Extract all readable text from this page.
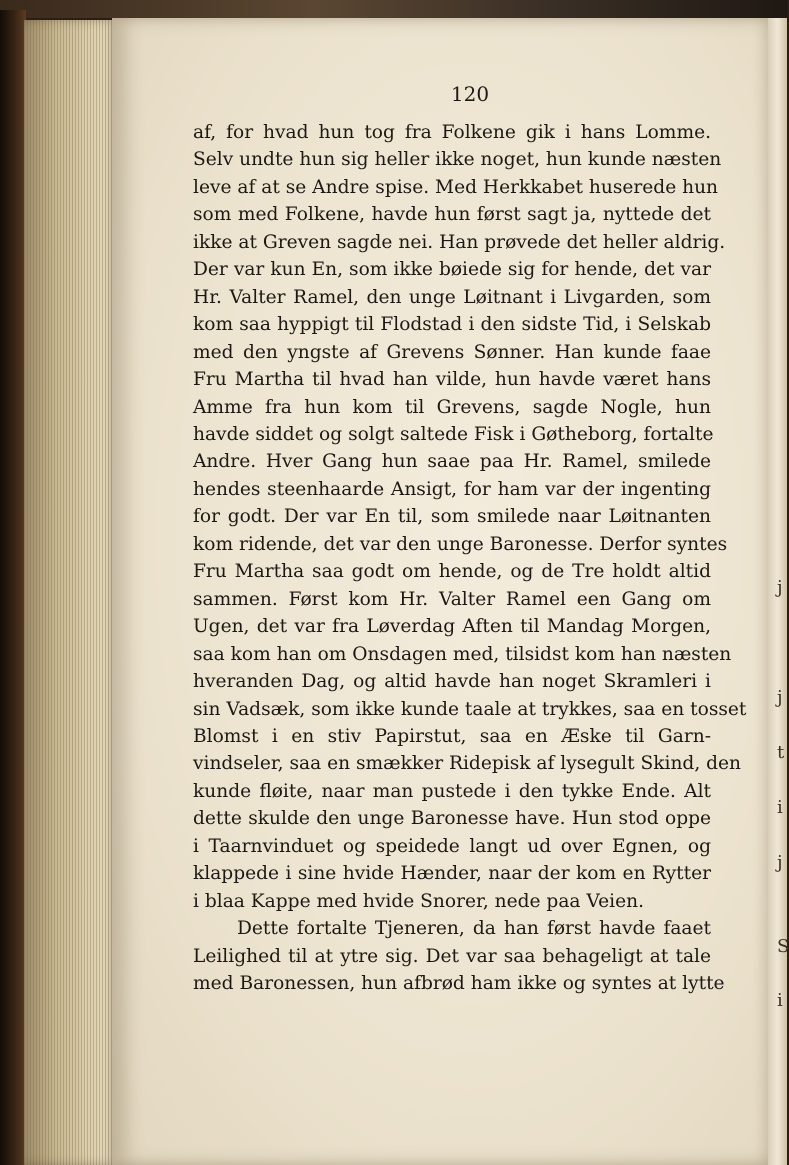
j
j
t
i
j
S
i
120
af, for hvad hun tog fra Folkene gik i hans Lomme.
Selv undte hun sig heller ikke noget, hun kunde næsten
leve af at se Andre spise. Med Herkkabet huserede hun
som med Folkene, havde hun først sagt ja, nyttede det
ikke at Greven sagde nei. Han prøvede det heller aldrig.
Der var kun En, som ikke bøiede sig for hende, det var
Hr. Valter Ramel, den unge Løitnant i Livgarden, som
kom saa hyppigt til Flodstad i den sidste Tid, i Selskab
med den yngste af Grevens Sønner. Han kunde faae
Fru Martha til hvad han vilde, hun havde været hans
Amme fra hun kom til Grevens, sagde Nogle, hun
havde siddet og solgt saltede Fisk i Gøtheborg, fortalte
Andre. Hver Gang hun saae paa Hr. Ramel, smilede
hendes steenhaarde Ansigt, for ham var der ingenting
for godt. Der var En til, som smilede naar Løitnanten
kom ridende, det var den unge Baronesse. Derfor syntes
Fru Martha saa godt om hende, og de Tre holdt altid
sammen. Først kom Hr. Valter Ramel een Gang om
Ugen, det var fra Løverdag Aften til Mandag Morgen,
saa kom han om Onsdagen med, tilsidst kom han næsten
hveranden Dag, og altid havde han noget Skramleri i
sin Vadsæk, som ikke kunde taale at trykkes, saa en tosset
Blomst i en stiv Papirstut, saa en Æske til Garn-
vindseler, saa en smækker Ridepisk af lysegult Skind, den
kunde fløite, naar man pustede i den tykke Ende. Alt
dette skulde den unge Baronesse have. Hun stod oppe
i Taarnvinduet og speidede langt ud over Egnen, og
klappede i sine hvide Hænder, naar der kom en Rytter
i blaa Kappe med hvide Snorer, nede paa Veien.
Dette fortalte Tjeneren, da han først havde faaet
Leilighed til at ytre sig. Det var saa behageligt at tale
med Baronessen, hun afbrød ham ikke og syntes at lytte
